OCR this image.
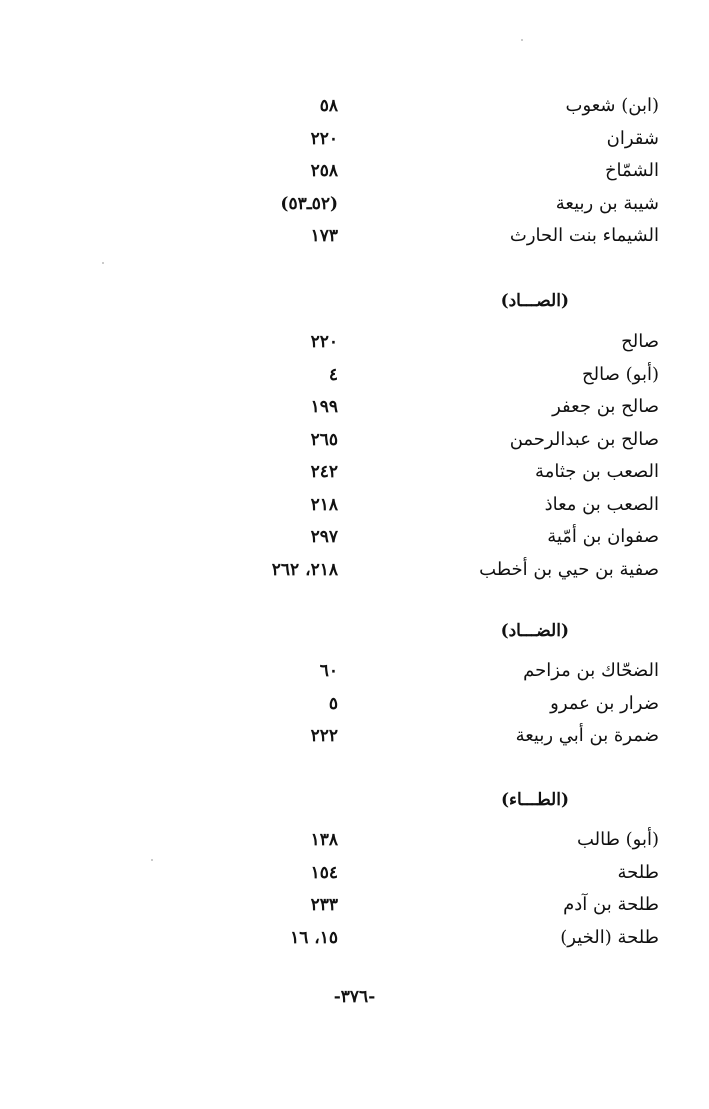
(ابن) شعوب
٥٨
شقران
٢٢٠
الشمّاخ
٢٥٨
شيبة بن ربيعة
(٥٢ـ٥٣)
الشيماء بنت الحارث
١٧٣
(الصـــاد)
صالح
٢٢٠
(أبو) صالح
٤
صالح بن جعفر
١٩٩
صالح بن عبدالرحمن
٢٦٥
الصعب بن جثامة
٢٤٢
الصعب بن معاذ
٢١٨
صفوان بن أمّية
٢٩٧
صفية بن حيي بن أخطب
٢١٨، ٢٦٢
(الضـــاد)
الضحّاك بن مزاحم
٦٠
ضرار بن عمرو
٥
ضمرة بن أبي ربيعة
٢٢٢
(الطـــاء)
(أبو) طالب
١٣٨
طلحة
١٥٤
طلحة بن آدم
٢٣٣
طلحة (الخير)
١٥، ١٦
-٣٧٦-
